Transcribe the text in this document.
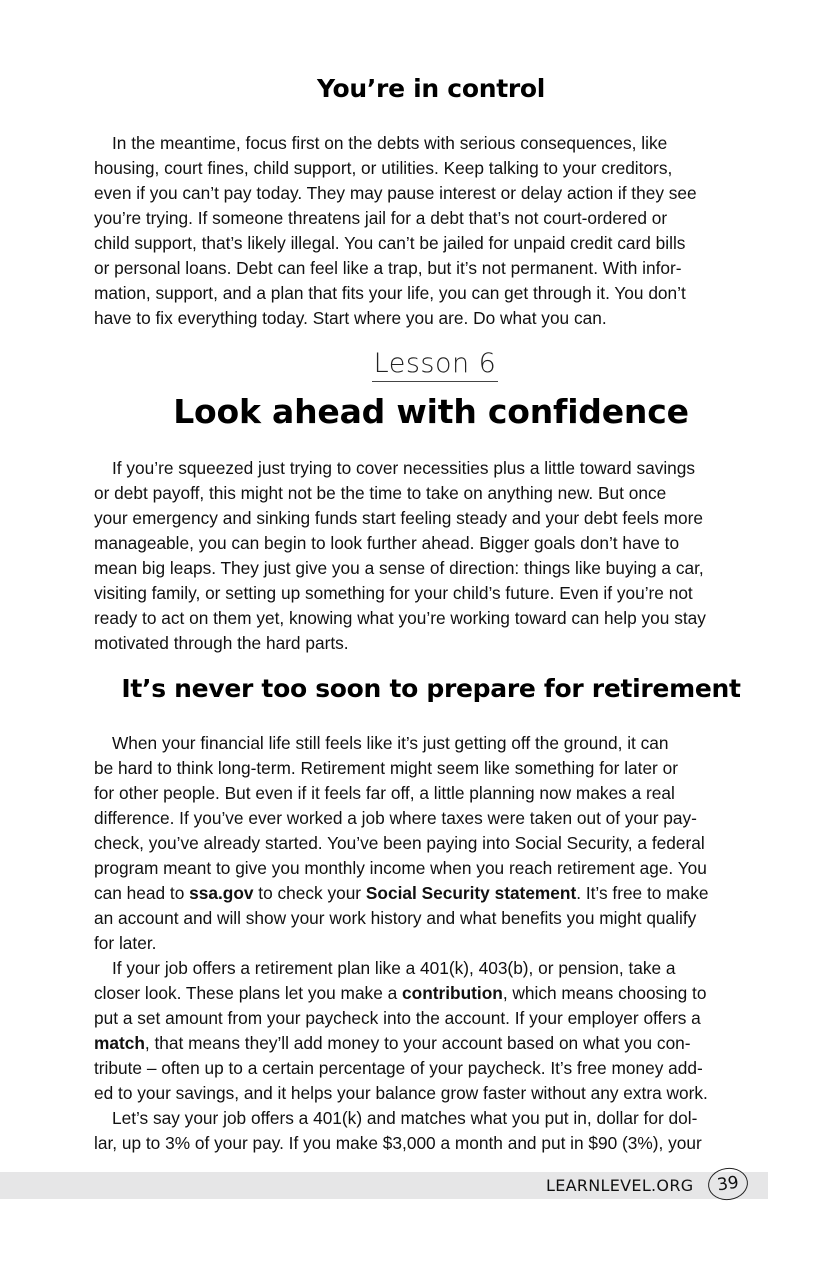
You’re in control
In the meantime, focus first on the debts with serious consequences, like
housing, court fines, child support, or utilities. Keep talking to your creditors,
even if you can’t pay today. They may pause interest or delay action if they see
you’re trying. If someone threatens jail for a debt that’s not court-ordered or
child support, that’s likely illegal. You can’t be jailed for unpaid credit card bills
or personal loans. Debt can feel like a trap, but it’s not permanent. With infor-
mation, support, and a plan that fits your life, you can get through it. You don’t
have to fix everything today. Start where you are. Do what you can.
Lesson 6
Look ahead with confidence
If you’re squeezed just trying to cover necessities plus a little toward savings
or debt payoff, this might not be the time to take on anything new. But once
your emergency and sinking funds start feeling steady and your debt feels more
manageable, you can begin to look further ahead. Bigger goals don’t have to
mean big leaps. They just give you a sense of direction: things like buying a car,
visiting family, or setting up something for your child’s future. Even if you’re not
ready to act on them yet, knowing what you’re working toward can help you stay
motivated through the hard parts.
It’s never too soon to prepare for retirement
When your financial life still feels like it’s just getting off the ground, it can
be hard to think long-term. Retirement might seem like something for later or
for other people. But even if it feels far off, a little planning now makes a real
difference. If you’ve ever worked a job where taxes were taken out of your pay-
check, you’ve already started. You’ve been paying into Social Security, a federal
program meant to give you monthly income when you reach retirement age. You
can head to ssa.gov to check your Social Security statement. It’s free to make
an account and will show your work history and what benefits you might qualify
for later.
If your job offers a retirement plan like a 401(k), 403(b), or pension, take a
closer look. These plans let you make a contribution, which means choosing to
put a set amount from your paycheck into the account. If your employer offers a
match, that means they’ll add money to your account based on what you con-
tribute – often up to a certain percentage of your paycheck. It’s free money add-
ed to your savings, and it helps your balance grow faster without any extra work.
Let’s say your job offers a 401(k) and matches what you put in, dollar for dol-
lar, up to 3% of your pay. If you make $3,000 a month and put in $90 (3%), your
LEARNLEVEL.ORG	39
